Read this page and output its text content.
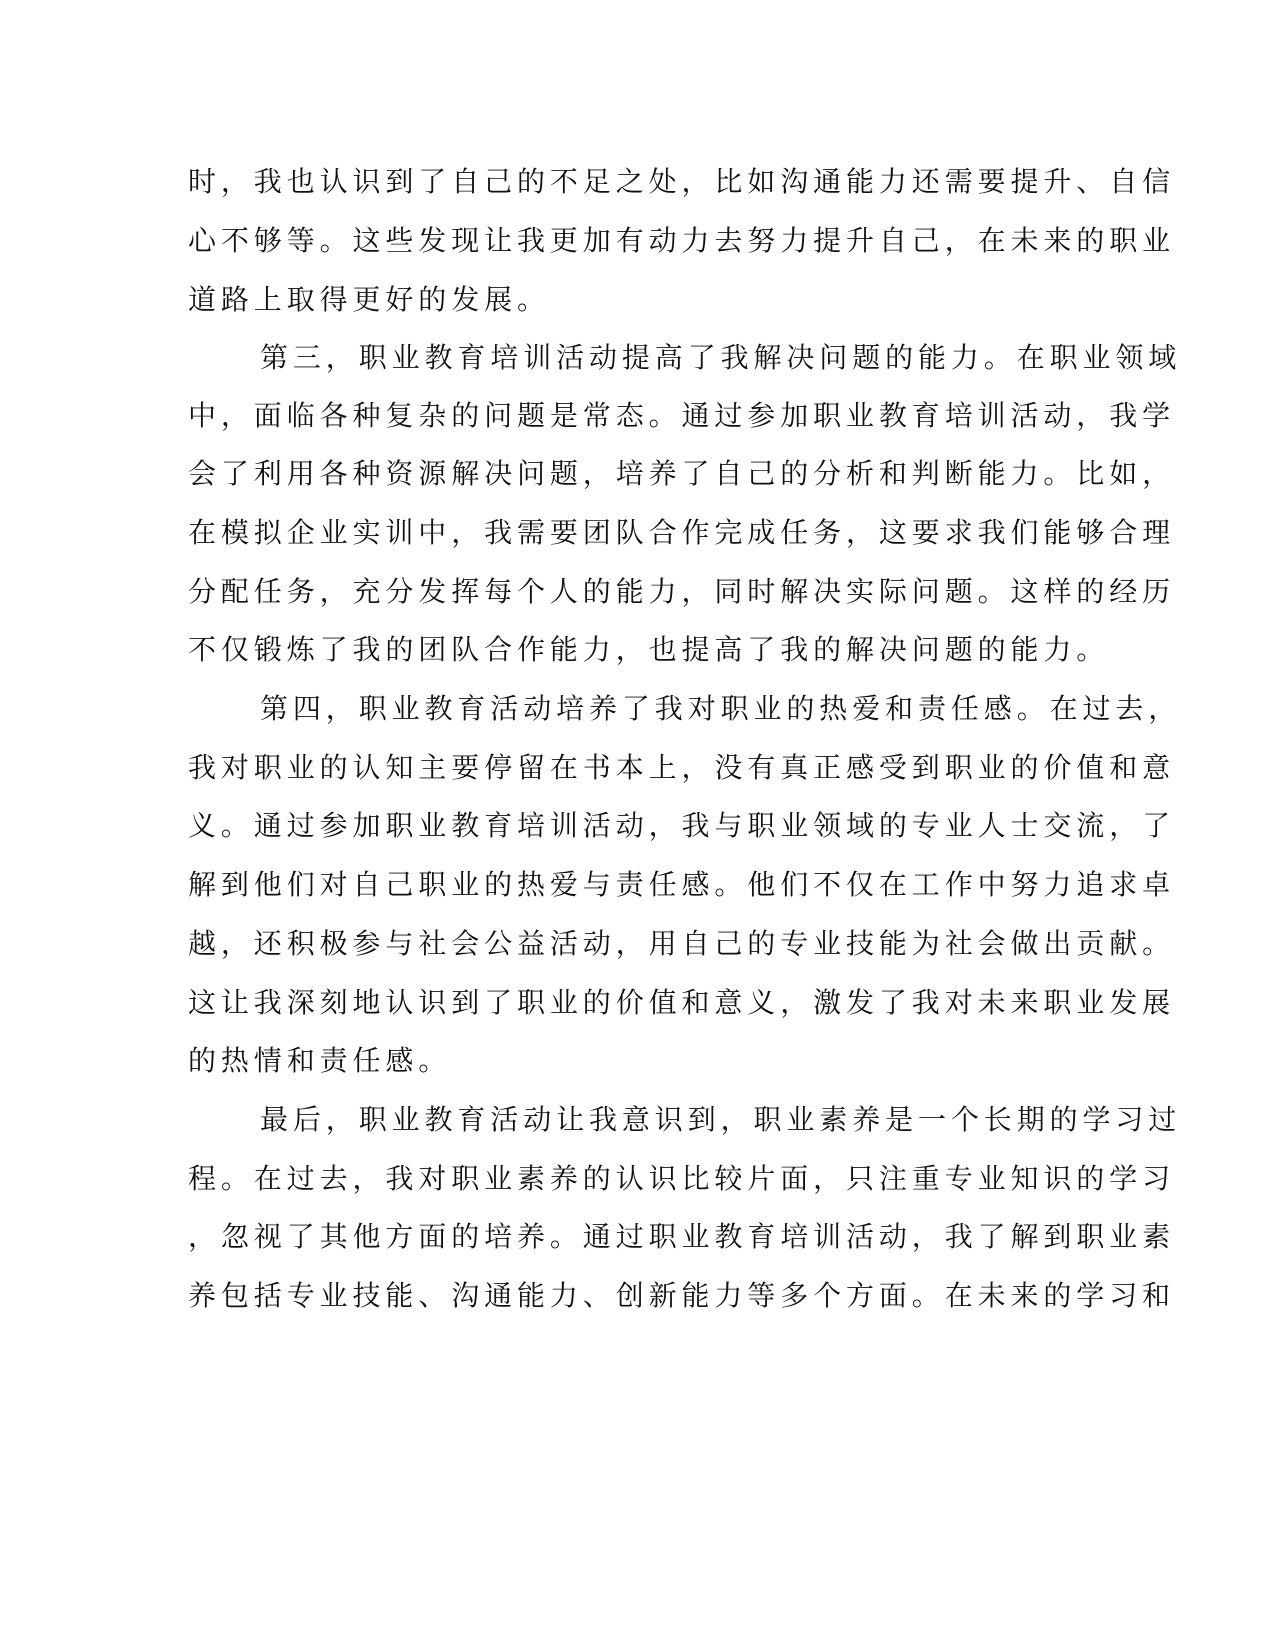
时，我也认识到了自己的不足之处，比如沟通能力还需要提升、自信

心不够等。这些发现让我更加有动力去努力提升自己，在未来的职业

道路上取得更好的发展。

第三，职业教育培训活动提高了我解决问题的能力。在职业领域

中，面临各种复杂的问题是常态。通过参加职业教育培训活动，我学

会了利用各种资源解决问题，培养了自己的分析和判断能力。比如，

在模拟企业实训中，我需要团队合作完成任务，这要求我们能够合理

分配任务，充分发挥每个人的能力，同时解决实际问题。这样的经历

不仅锻炼了我的团队合作能力，也提高了我的解决问题的能力。

第四，职业教育活动培养了我对职业的热爱和责任感。在过去，

我对职业的认知主要停留在书本上，没有真正感受到职业的价值和意

义。通过参加职业教育培训活动，我与职业领域的专业人士交流，了

解到他们对自己职业的热爱与责任感。他们不仅在工作中努力追求卓

越，还积极参与社会公益活动，用自己的专业技能为社会做出贡献。

这让我深刻地认识到了职业的价值和意义，激发了我对未来职业发展

的热情和责任感。

最后，职业教育活动让我意识到，职业素养是一个长期的学习过

程。在过去，我对职业素养的认识比较片面，只注重专业知识的学习

，忽视了其他方面的培养。通过职业教育培训活动，我了解到职业素

养包括专业技能、沟通能力、创新能力等多个方面。在未来的学习和
